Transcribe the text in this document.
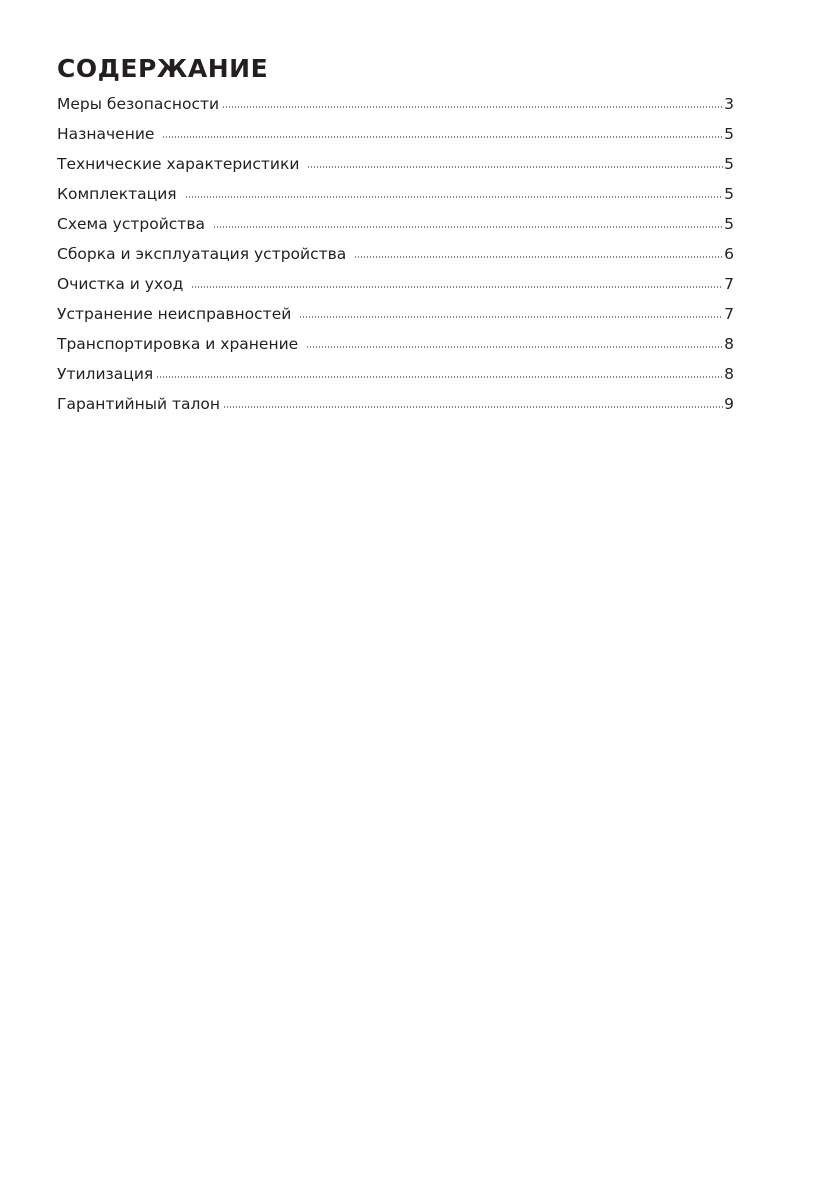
СОДЕРЖАНИЕ
Меры безопасности	3
Назначение	5
Технические характеристики	5
Комплектация	5
Схема устройства	5
Сборка и эксплуатация устройства	6
Очистка и уход	7
Устранение неисправностей	7
Транспортировка и хранение	8
Утилизация	8
Гарантийный талон	9
